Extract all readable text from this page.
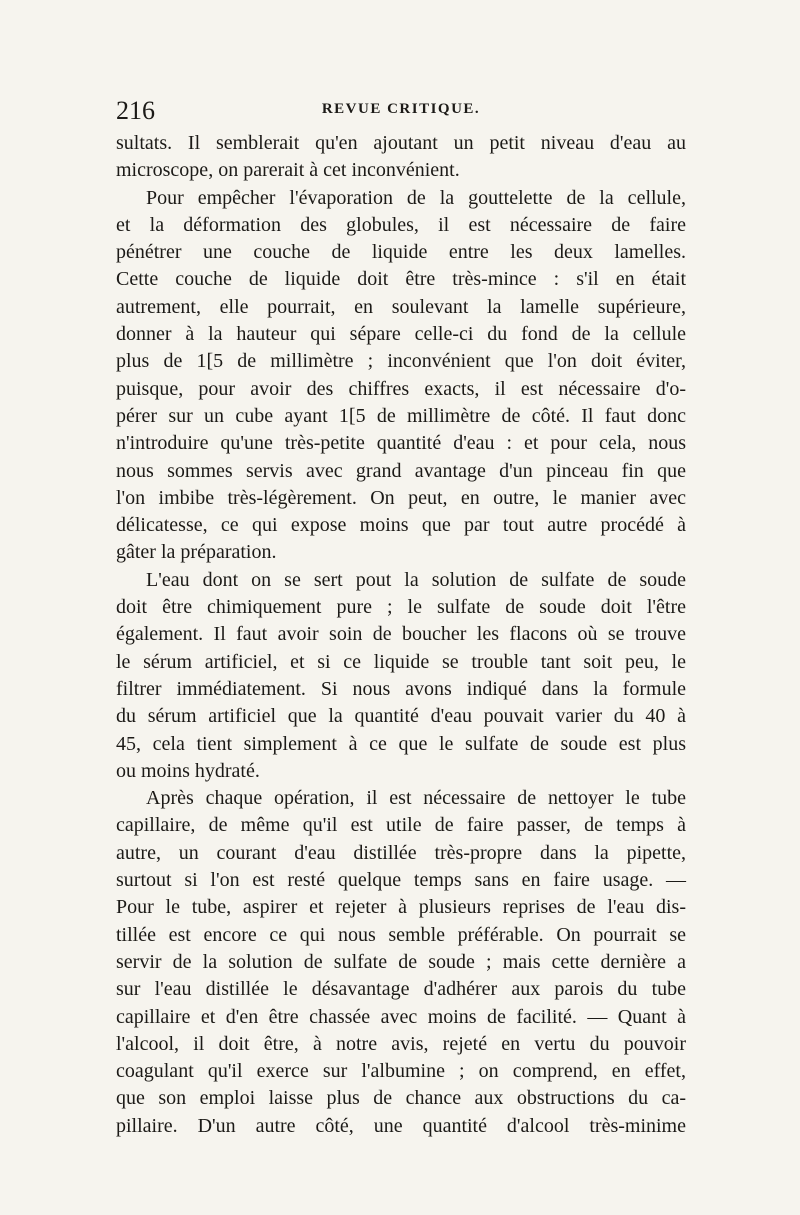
216	REVUE CRITIQUE.
sultats. Il semblerait qu'en ajoutant un petit niveau d'eau au
microscope, on parerait à cet inconvénient.
Pour empêcher l'évaporation de la gouttelette de la cellule,
et la déformation des globules, il est nécessaire de faire
pénétrer une couche de liquide entre les deux lamelles.
Cette couche de liquide doit être très-mince : s'il en était
autrement, elle pourrait, en soulevant la lamelle supérieure,
donner à la hauteur qui sépare celle-ci du fond de la cellule
plus de 1[5 de millimètre ; inconvénient que l'on doit éviter,
puisque, pour avoir des chiffres exacts, il est nécessaire d'o-
pérer sur un cube ayant 1[5 de millimètre de côté. Il faut donc
n'introduire qu'une très-petite quantité d'eau : et pour cela, nous
nous sommes servis avec grand avantage d'un pinceau fin que
l'on imbibe très-légèrement. On peut, en outre, le manier avec
délicatesse, ce qui expose moins que par tout autre procédé à
gâter la préparation.
L'eau dont on se sert pout la solution de sulfate de soude
doit être chimiquement pure ; le sulfate de soude doit l'être
également. Il faut avoir soin de boucher les flacons où se trouve
le sérum artificiel, et si ce liquide se trouble tant soit peu, le
filtrer immédiatement. Si nous avons indiqué dans la formule
du sérum artificiel que la quantité d'eau pouvait varier du 40 à
45, cela tient simplement à ce que le sulfate de soude est plus
ou moins hydraté.
Après chaque opération, il est nécessaire de nettoyer le tube
capillaire, de même qu'il est utile de faire passer, de temps à
autre, un courant d'eau distillée très-propre dans la pipette,
surtout si l'on est resté quelque temps sans en faire usage. —
Pour le tube, aspirer et rejeter à plusieurs reprises de l'eau dis-
tillée est encore ce qui nous semble préférable. On pourrait se
servir de la solution de sulfate de soude ; mais cette dernière a
sur l'eau distillée le désavantage d'adhérer aux parois du tube
capillaire et d'en être chassée avec moins de facilité. — Quant à
l'alcool, il doit être, à notre avis, rejeté en vertu du pouvoir
coagulant qu'il exerce sur l'albumine ; on comprend, en effet,
que son emploi laisse plus de chance aux obstructions du ca-
pillaire. D'un autre côté, une quantité d'alcool très-minime
